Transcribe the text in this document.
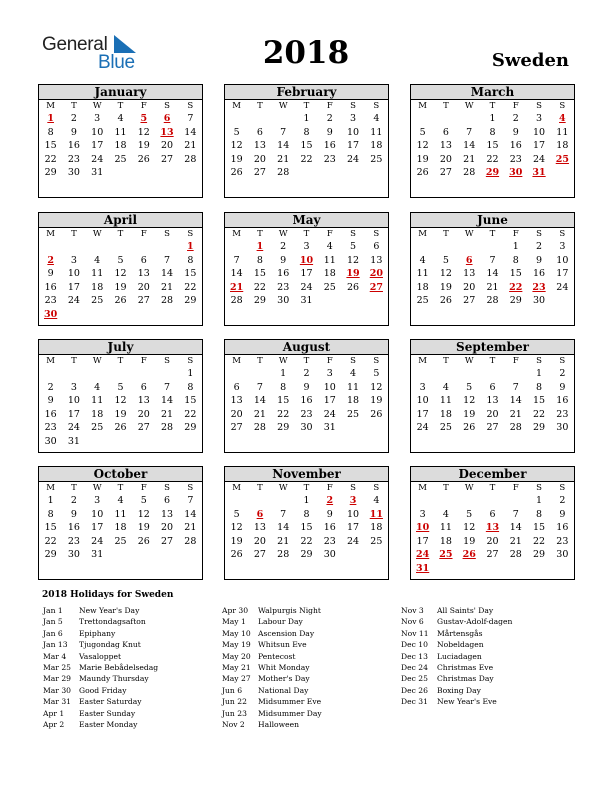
General
Blue	2018	Sweden
January
M	T	W	T	F	S	S
1	2	3	4	5	6	7
8	9	10	11	12	13	14
15	16	17	18	19	20	21
22	23	24	25	26	27	28
29	30	31				
February
M	T	W	T	F	S	S
			1	2	3	4
5	6	7	8	9	10	11
12	13	14	15	16	17	18
19	20	21	22	23	24	25
26	27	28				
March
M	T	W	T	F	S	S
			1	2	3	4
5	6	7	8	9	10	11
12	13	14	15	16	17	18
19	20	21	22	23	24	25
26	27	28	29	30	31	
April
M	T	W	T	F	S	S
						1
2	3	4	5	6	7	8
9	10	11	12	13	14	15
16	17	18	19	20	21	22
23	24	25	26	27	28	29
30						
May
M	T	W	T	F	S	S
	1	2	3	4	5	6
7	8	9	10	11	12	13
14	15	16	17	18	19	20
21	22	23	24	25	26	27
28	29	30	31			
June
M	T	W	T	F	S	S
				1	2	3
4	5	6	7	8	9	10
11	12	13	14	15	16	17
18	19	20	21	22	23	24
25	26	27	28	29	30	
July
M	T	W	T	F	S	S
						1
2	3	4	5	6	7	8
9	10	11	12	13	14	15
16	17	18	19	20	21	22
23	24	25	26	27	28	29
30	31					
August
M	T	W	T	F	S	S
		1	2	3	4	5
6	7	8	9	10	11	12
13	14	15	16	17	18	19
20	21	22	23	24	25	26
27	28	29	30	31		
September
M	T	W	T	F	S	S
					1	2
3	4	5	6	7	8	9
10	11	12	13	14	15	16
17	18	19	20	21	22	23
24	25	26	27	28	29	30
October
M	T	W	T	F	S	S
1	2	3	4	5	6	7
8	9	10	11	12	13	14
15	16	17	18	19	20	21
22	23	24	25	26	27	28
29	30	31				
November
M	T	W	T	F	S	S
			1	2	3	4
5	6	7	8	9	10	11
12	13	14	15	16	17	18
19	20	21	22	23	24	25
26	27	28	29	30		
December
M	T	W	T	F	S	S
					1	2
3	4	5	6	7	8	9
10	11	12	13	14	15	16
17	18	19	20	21	22	23
24	25	26	27	28	29	30
31						
2018 Holidays for Sweden
Jan 1 New Year's Day
Jan 5 Trettondagsafton
Jan 6 Epiphany
Jan 13 Tjugondag Knut
Mar 4 Vasaloppet
Mar 25 Marie Bebådelsedag
Mar 29 Maundy Thursday
Mar 30 Good Friday
Mar 31 Easter Saturday
Apr 1 Easter Sunday
Apr 2 Easter Monday
Apr 30 Walpurgis Night
May 1 Labour Day
May 10 Ascension Day
May 19 Whitsun Eve
May 20 Pentecost
May 21 Whit Monday
May 27 Mother's Day
Jun 6 National Day
Jun 22 Midsummer Eve
Jun 23 Midsummer Day
Nov 2 Halloween
Nov 3 All Saints' Day
Nov 6 Gustav-Adolf-dagen
Nov 11 Mårtensgås
Dec 10 Nobeldagen
Dec 13 Luciadagen
Dec 24 Christmas Eve
Dec 25 Christmas Day
Dec 26 Boxing Day
Dec 31 New Year's Eve
